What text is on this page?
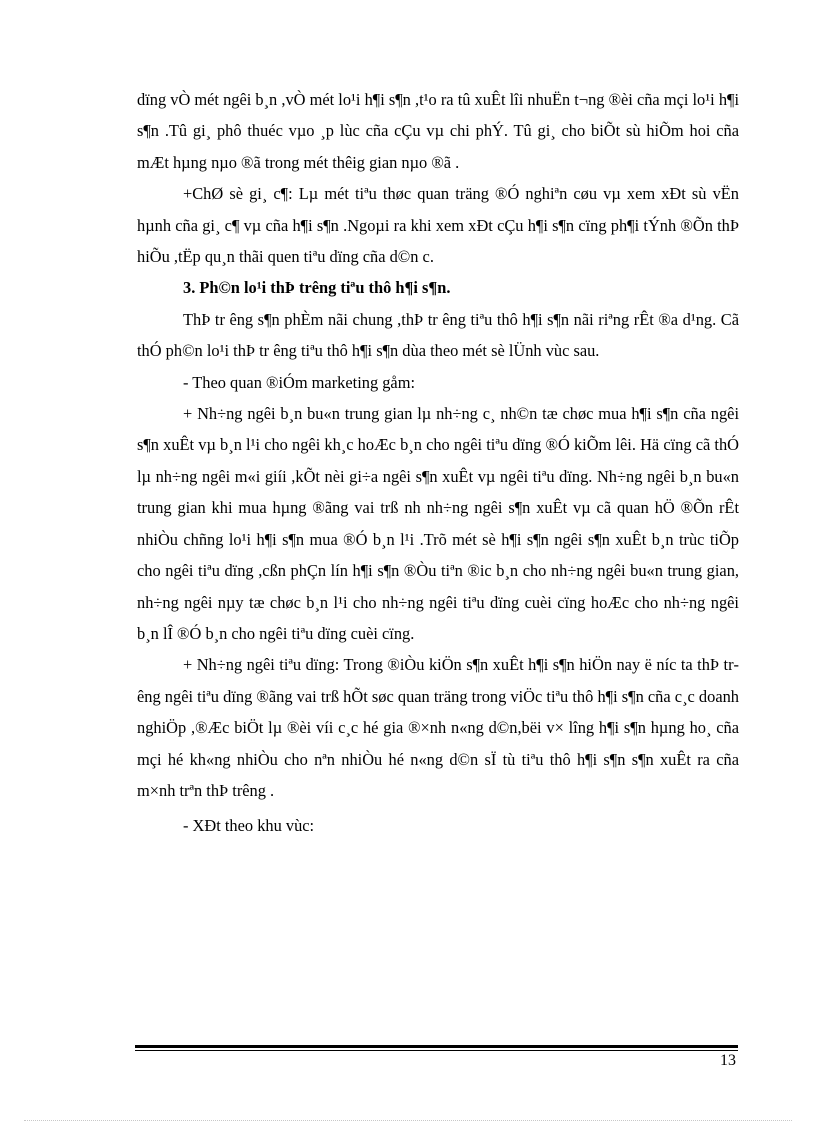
dïng vÒ mét ngêi b¸n ,vÒ mét lo¹i h¶i s¶n ,t¹o ra tû xuÊt lîi nhuËn t¬ng ®èi cña mçi lo¹i h¶i s¶n .Tû gi¸ phô thuéc vµo ¸p lùc cña cÇu vµ chi phÝ. Tû gi¸ cho biÕt sù hiÕm hoi cña mÆt hµng nµo ®ã trong mét thêig gian nµo ®ã .

+ChØ sè gi¸ c¶: Lµ mét tiªu thøc quan träng ®Ó nghiªn cøu vµ xem xÐt sù vËn hµnh cña gi¸ c¶ vµ cña h¶i s¶n .Ngoµi ra khi xem xÐt cÇu h¶i s¶n cïng ph¶i tÝnh ®Õn thÞ hiÕu ,tËp qu¸n thãi quen tiªu dïng cña d©n c.

3. Ph©n lo¹i thÞ trêng tiªu thô h¶i s¶n.

ThÞ tr êng s¶n phÈm nãi chung ,thÞ tr êng tiªu thô h¶i s¶n nãi riªng rÊt ®a d¹ng. Cã thÓ ph©n lo¹i thÞ tr êng tiªu thô h¶i s¶n dùa theo mét sè lÜnh vùc sau.

- Theo quan ®iÓm marketing gåm:

+ Nh÷ng ngêi b¸n bu«n trung gian lµ nh÷ng c¸ nh©n tæ chøc mua h¶i s¶n cña ngêi s¶n xuÊt vµ b¸n l¹i cho ngêi kh¸c hoÆc b¸n cho ngêi tiªu dïng ®Ó kiÕm lêi. Hä cïng cã thÓ lµ nh÷ng ngêi m«i giíi ,kÕt nèi gi÷a ngêi s¶n xuÊt vµ ngêi tiªu dïng. Nh÷ng ngêi b¸n bu«n trung gian khi mua hµng ®ãng vai trß nh nh÷ng ngêi s¶n xuÊt vµ cã quan hÖ ®Õn rÊt nhiÒu chñng lo¹i h¶i s¶n mua ®Ó b¸n l¹i .Trõ mét sè h¶i s¶n ngêi s¶n xuÊt b¸n trùc tiÕp cho ngêi tiªu dïng ,cßn phÇn lín h¶i s¶n ®Òu tiªn ®ic b¸n cho nh÷ng ngêi bu«n trung gian, nh÷ng ngêi nµy tæ chøc b¸n l¹i cho nh÷ng ngêi tiªu dïng cuèi cïng hoÆc cho nh÷ng ngêi b¸n lÎ ®Ó b¸n cho ngêi tiªu dïng cuèi cïng.

+ Nh÷ng ngêi tiªu dïng: Trong ®iÒu kiÖn s¶n xuÊt h¶i s¶n hiÖn nay ë níc ta thÞ trêng ngêi tiªu dïng ®ãng vai trß hÕt søc quan träng trong viÖc tiªu thô h¶i s¶n cña c¸c doanh nghiÖp ,®Æc biÖt lµ ®èi víi c¸c hé gia ®×nh n«ng d©n,bëi v× lîng h¶i s¶n hµng ho¸ cña mçi hé kh«ng nhiÒu cho nªn nhiÒu hé n«ng d©n sÏ tù tiªu thô h¶i s¶n s¶n xuÊt ra cña m×nh trªn thÞ trêng .

- XÐt theo khu vùc:

13
